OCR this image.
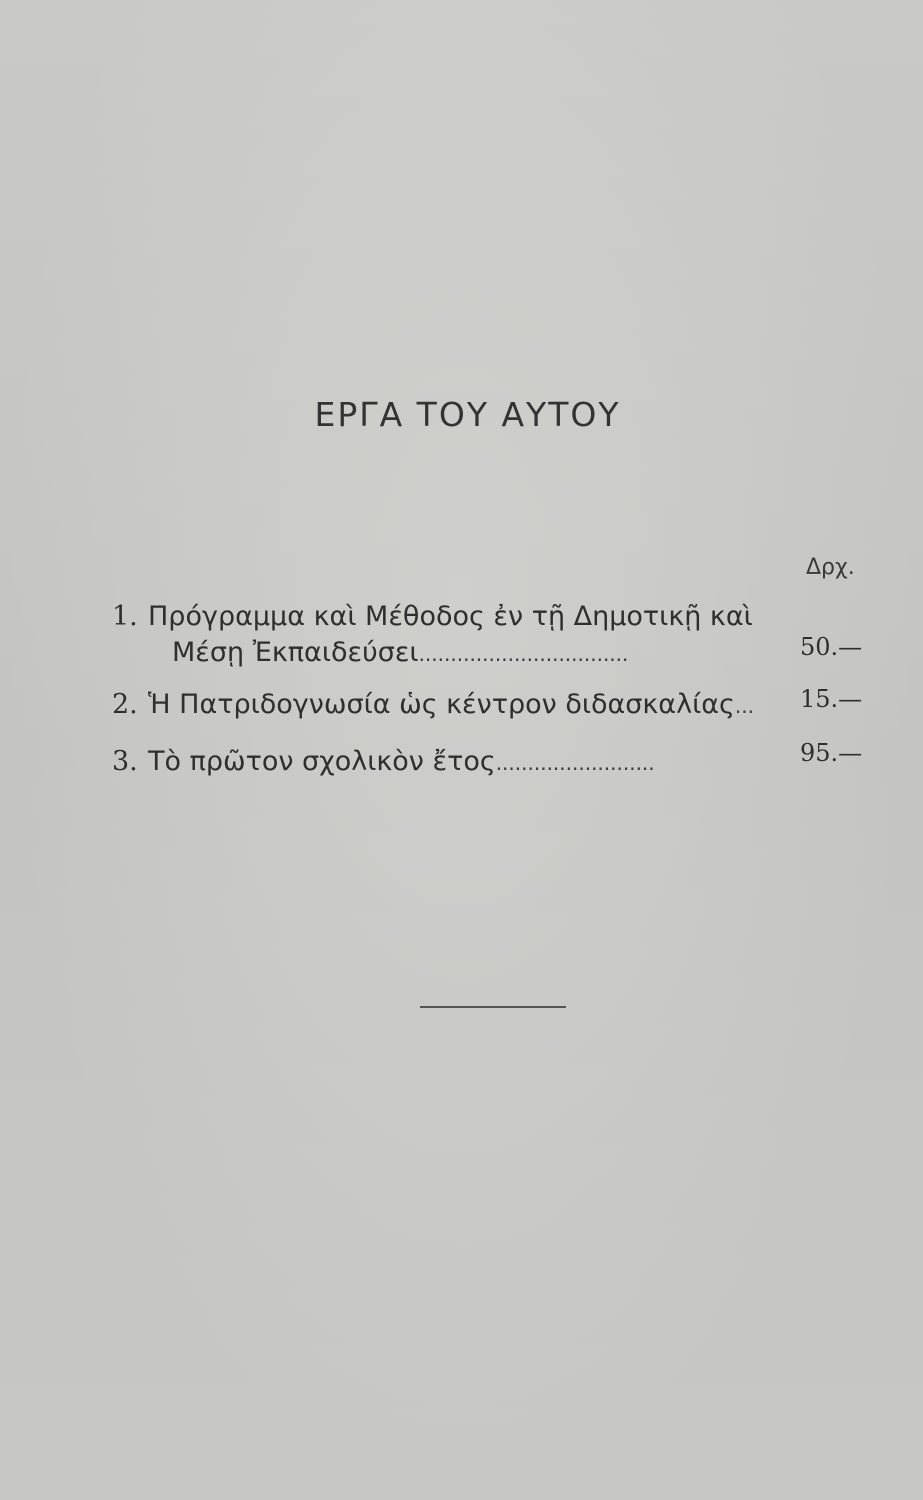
ΕΡΓΑ ΤΟΥ ΑΥΤΟΥ
Δρχ.
1. Πρόγραμμα καὶ Μέθοδος ἐν τῇ Δημοτικῇ καὶ
Μέσῃ Ἐκπαιδεύσει.................................	50.—
2. Ἡ Πατριδογνωσία ὡς κέντρον διδασκαλίας... 15.—
3. Τὸ πρῶτον σχολικὸν ἔτος.........................	95.—
